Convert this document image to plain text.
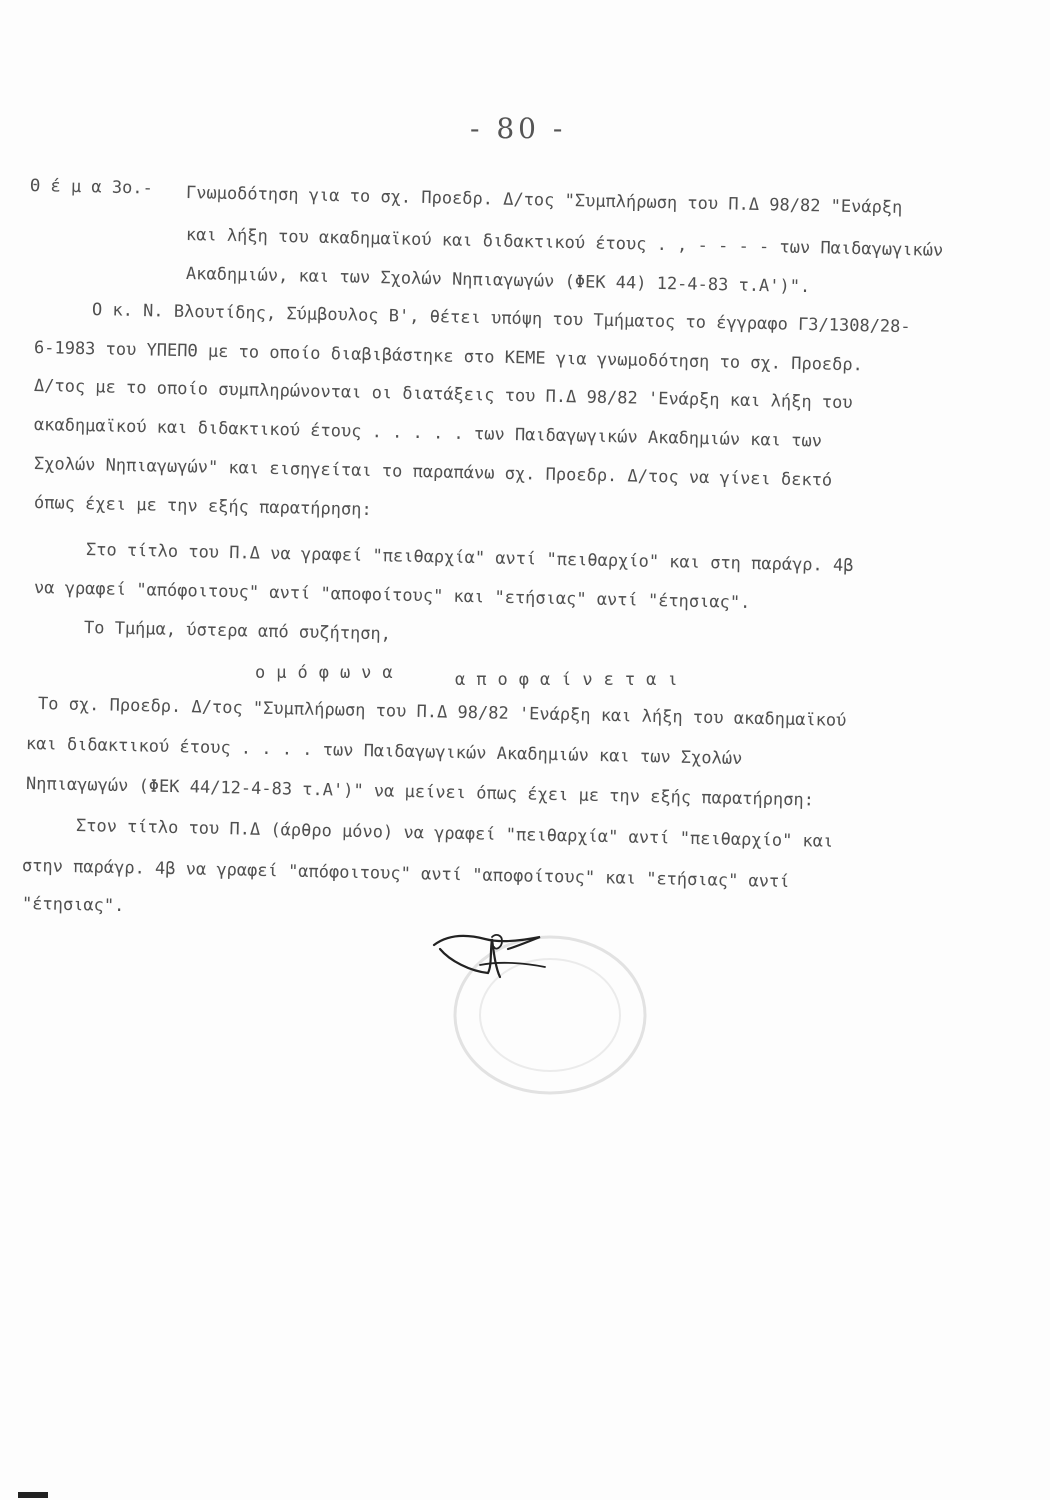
- 80 -
Θ έ μ α 3ο.- Γνωμοδότηση για το σχ. Προεδρ. Δ/τος "Συμπλήρωση του Π.Δ 98/82 "Ενάρξη
και λήξη του ακαδημαϊκού και διδακτικού έτους . , - - - - των Παιδαγωγικών
Ακαδημιών, και των Σχολών Νηπιαγωγών (ΦΕΚ 44) 12-4-83 τ.Α')".
Ο κ. Ν. Βλουτίδης, Σύμβουλος Β', θέτει υπόψη του Τμήματος το έγγραφο Γ3/1308/28-
6-1983 του ΥΠΕΠΘ με το οποίο διαβιβάστηκε στο ΚΕΜΕ για γνωμοδότηση το σχ. Προεδρ.
Δ/τος με το οποίο συμπληρώνονται οι διατάξεις του Π.Δ 98/82 'Ενάρξη και λήξη του
ακαδημαϊκού και διδακτικού έτους . . . . . των Παιδαγωγικών Ακαδημιών και των
Σχολών Νηπιαγωγών" και εισηγείται το παραπάνω σχ. Προεδρ. Δ/τος να γίνει δεκτό
όπως έχει με την εξής παρατήρηση:
Στο τίτλο του Π.Δ να γραφεί "πειθαρχία" αντί "πειθαρχίο" και στη παράγρ. 4β
να γραφεί "απόφοιτους" αντί "αποφοίτους" και "ετήσιας" αντί "έτησιας".
Το Τμήμα, ύστερα από συζήτηση,
ομόφωνα	αποφαίνεται
Το σχ. Προεδρ. Δ/τος "Συμπλήρωση του Π.Δ 98/82 'Ενάρξη και λήξη του ακαδημαϊκού
και διδακτικού έτους . . . . των Παιδαγωγικών Ακαδημιών και των Σχολών
Νηπιαγωγών (ΦΕΚ 44/12-4-83 τ.Α')" να μείνει όπως έχει με την εξής παρατήρηση:
Στον τίτλο του Π.Δ (άρθρο μόνο) να γραφεί "πειθαρχία" αντί "πειθαρχίο" και
στην παράγρ. 4β να γραφεί "απόφοιτους" αντί "αποφοίτους" και "ετήσιας" αντί
"έτησιας".
